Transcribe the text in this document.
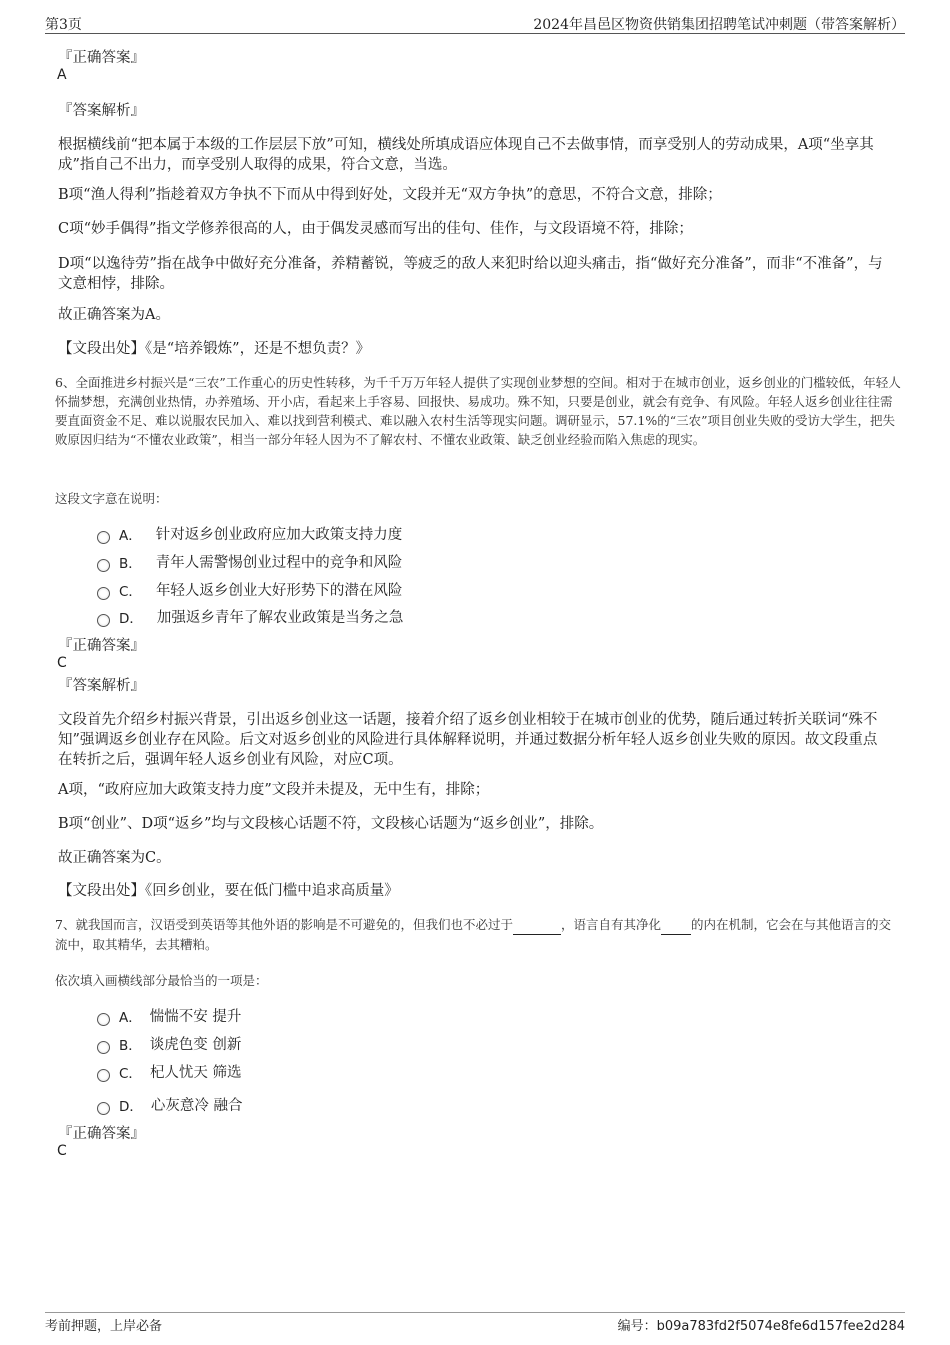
第3页	2024年昌邑区物资供销集团招聘笔试冲刺题（带答案解析）
『正确答案』
A
『答案解析』
根据横线前“把本属于本级的工作层层下放”可知，横线处所填成语应体现自己不去做事情，而享受别人的劳动成果，A项“坐享其成”指自己不出力，而享受别人取得的成果，符合文意，当选。
B项“渔人得利”指趁着双方争执不下而从中得到好处，文段并无“双方争执”的意思，不符合文意，排除；
C项“妙手偶得”指文学修养很高的人，由于偶发灵感而写出的佳句、佳作，与文段语境不符，排除；
D项“以逸待劳”指在战争中做好充分准备，养精蓄锐，等疲乏的敌人来犯时给以迎头痛击，指“做好充分准备”，而非“不准备”，与文意相悖，排除。
故正确答案为A。
【文段出处】《是“培养锻炼”，还是不想负责？》
6、全面推进乡村振兴是“三农”工作重心的历史性转移，为千千万万年轻人提供了实现创业梦想的空间。相对于在城市创业，返乡创业的门槛较低，年轻人怀揣梦想，充满创业热情，办养殖场、开小店，看起来上手容易、回报快、易成功。殊不知，只要是创业，就会有竞争、有风险。年轻人返乡创业往往需要直面资金不足、难以说服农民加入、难以找到营利模式、难以融入农村生活等现实问题。调研显示，57.1%的“三农”项目创业失败的受访大学生，把失败原因归结为“不懂农业政策”，相当一部分年轻人因为不了解农村、不懂农业政策、缺乏创业经验而陷入焦虑的现实。
这段文字意在说明：
A． 针对返乡创业政府应加大政策支持力度
B． 青年人需警惕创业过程中的竞争和风险
C． 年轻人返乡创业大好形势下的潜在风险
D． 加强返乡青年了解农业政策是当务之急
『正确答案』
C
『答案解析』
文段首先介绍乡村振兴背景，引出返乡创业这一话题，接着介绍了返乡创业相较于在城市创业的优势，随后通过转折关联词“殊不知”强调返乡创业存在风险。后文对返乡创业的风险进行具体解释说明，并通过数据分析年轻人返乡创业失败的原因。故文段重点在转折之后，强调年轻人返乡创业有风险，对应C项。
A项，“政府应加大政策支持力度”文段并未提及，无中生有，排除；
B项“创业”、D项“返乡”均与文段核心话题不符，文段核心话题为“返乡创业”，排除。
故正确答案为C。
【文段出处】《回乡创业，要在低门槛中追求高质量》
7、就我国而言，汉语受到英语等其他外语的影响是不可避免的，但我们也不必过于	，语言自有其净化 的内在机制，它会在与其他语言的交流中，取其精华，去其糟粕。
依次填入画横线部分最恰当的一项是：
A． 惴惴不安 提升
B． 谈虎色变 创新
C． 杞人忧天 筛选
D． 心灰意冷 融合
『正确答案』
C
考前押题，上岸必备	编号：b09a783fd2f5074e8fe6d157fee2d284
